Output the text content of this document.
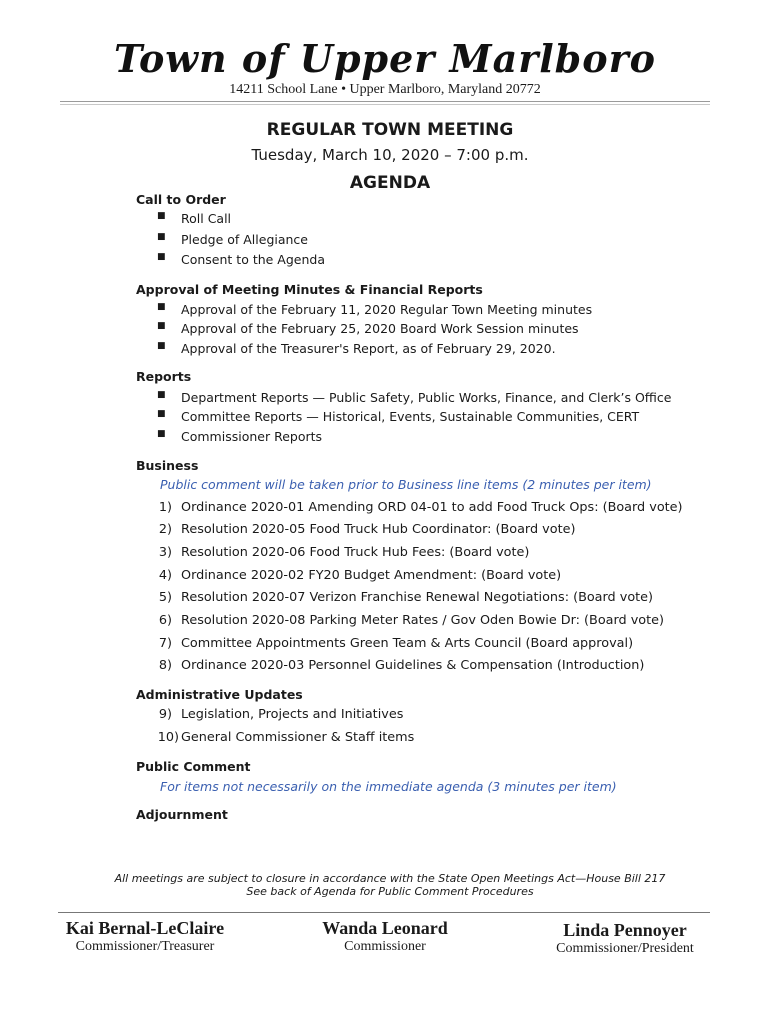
Town of Upper Marlboro
14211 School Lane • Upper Marlboro, Maryland 20772
REGULAR TOWN MEETING
Tuesday, March 10, 2020 – 7:00 p.m.
AGENDA
Call to Order
■ Roll Call
■ Pledge of Allegiance
■ Consent to the Agenda
Approval of Meeting Minutes & Financial Reports
■ Approval of the February 11, 2020 Regular Town Meeting minutes
■ Approval of the February 25, 2020 Board Work Session minutes
■ Approval of the Treasurer's Report, as of February 29, 2020.
Reports
■ Department Reports — Public Safety, Public Works, Finance, and Clerk’s Office
■ Committee Reports — Historical, Events, Sustainable Communities, CERT
■ Commissioner Reports
Business
Public comment will be taken prior to Business line items (2 minutes per item)
1) Ordinance 2020-01 Amending ORD 04-01 to add Food Truck Ops: (Board vote)
2) Resolution 2020-05 Food Truck Hub Coordinator: (Board vote)
3) Resolution 2020-06 Food Truck Hub Fees: (Board vote)
4) Ordinance 2020-02 FY20 Budget Amendment: (Board vote)
5) Resolution 2020-07 Verizon Franchise Renewal Negotiations: (Board vote)
6) Resolution 2020-08 Parking Meter Rates / Gov Oden Bowie Dr: (Board vote)
7) Committee Appointments Green Team & Arts Council (Board approval)
8) Ordinance 2020-03 Personnel Guidelines & Compensation (Introduction)
Administrative Updates
9) Legislation, Projects and Initiatives
10) General Commissioner & Staff items
Public Comment
For items not necessarily on the immediate agenda (3 minutes per item)
Adjournment
All meetings are subject to closure in accordance with the State Open Meetings Act—House Bill 217
See back of Agenda for Public Comment Procedures
Kai Bernal-LeClaire
Commissioner/Treasurer
Wanda Leonard
Commissioner
Linda Pennoyer
Commissioner/President
